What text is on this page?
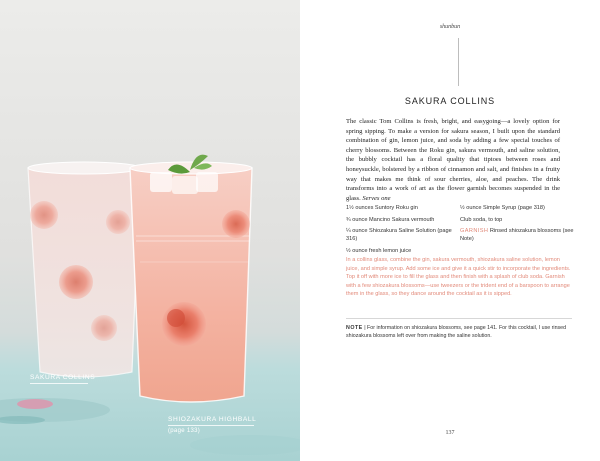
SAKURA COLLINS
SHIOZAKURA HIGHBALL
(page 133)
shunbun
SAKURA COLLINS

The classic Tom Collins is fresh, bright, and easygoing—a lovely option for spring sipping. To make a version for sakura season, I built upon the standard combination of gin, lemon juice, and soda by adding a few special touches of cherry blossoms. Between the Roku gin, sakura vermouth, and saline solution, the bubbly cocktail has a floral quality that tiptoes between roses and honeysuckle, bolstered by a ribbon of cinnamon and salt, and finishes in a fruity way that makes me think of sour cherries, aloe, and peaches. The drink transforms into a work of art as the flower garnish becomes suspended in the glass. Serves one

1½ ounces Suntory Roku gin
¾ ounce Mancino Sakura vermouth
¼ ounce Shiozakura Saline Solution (page 316)
½ ounce fresh lemon juice
½ ounce Simple Syrup (page 318)
Club soda, to top
GARNISH Rinsed shiozakura blossoms (see Note)

In a collins glass, combine the gin, sakura vermouth, shiozakura saline solution, lemon juice, and simple syrup. Add some ice and give it a quick stir to incorporate the ingredients. Top it off with more ice to fill the glass and then finish with a splash of club soda. Garnish with a few shiozakura blossoms—use tweezers or the trident end of a barspoon to arrange them in the glass, so they dance around the cocktail as it is sipped.

NOTE | For information on shiozakura blossoms, see page 141. For this cocktail, I use rinsed shiozakura blossoms left over from making the saline solution.

137
